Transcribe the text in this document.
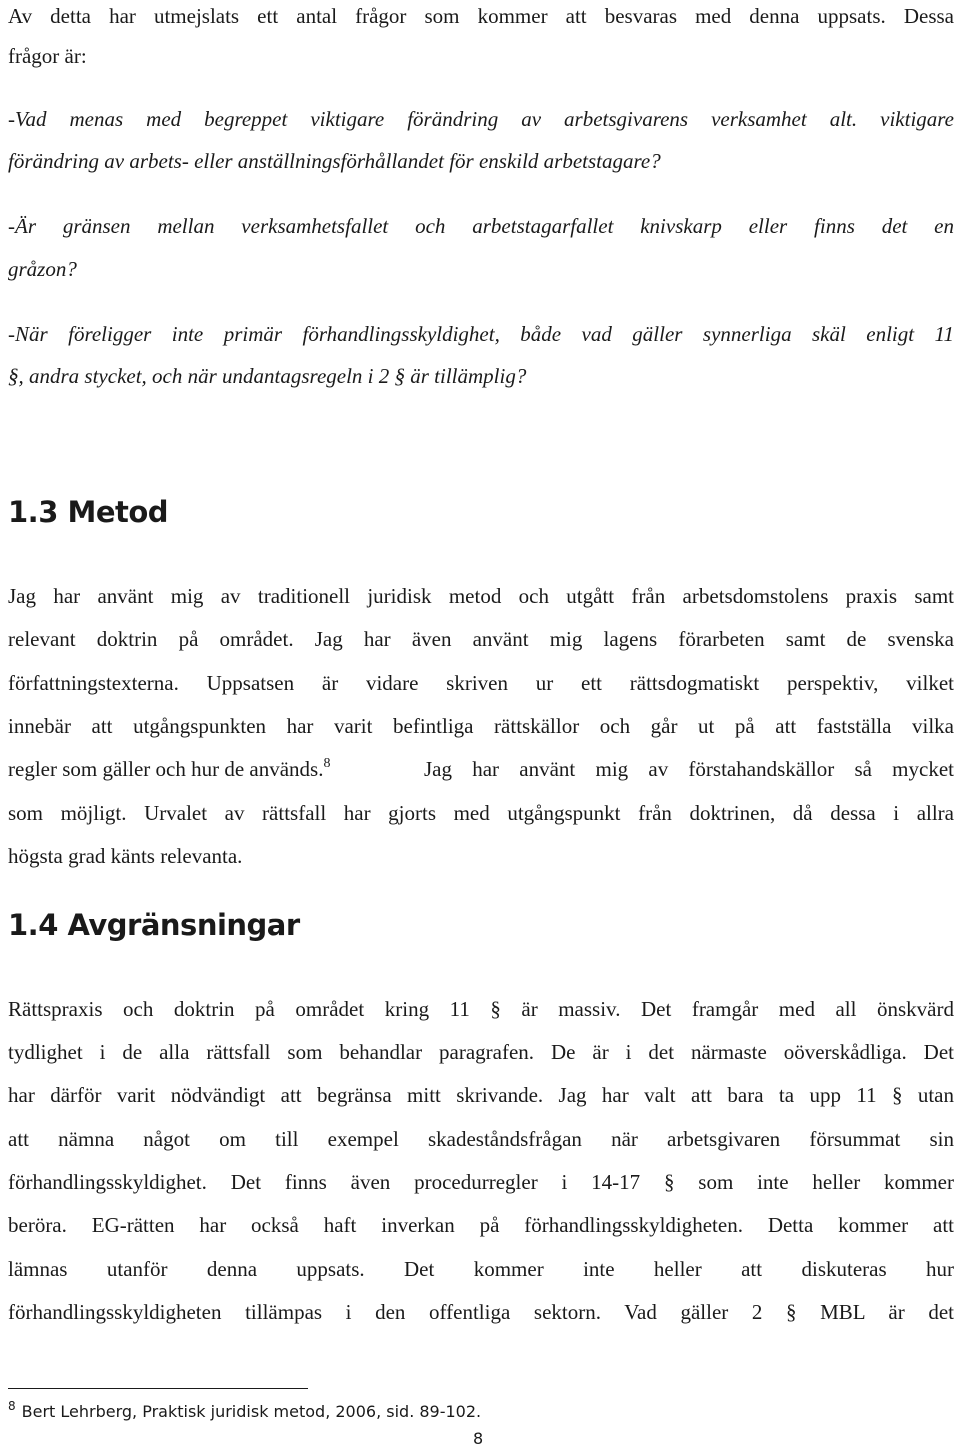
Av detta har utmejslats ett antal frågor som kommer att besvaras med denna uppsats. Dessa
frågor är:
-Vad menas med begreppet viktigare förändring av arbetsgivarens verksamhet alt. viktigare
förändring av arbets- eller anställningsförhållandet för enskild arbetstagare?
-Är gränsen mellan verksamhetsfallet och arbetstagarfallet knivskarp eller finns det en
gråzon?
-När föreligger inte primär förhandlingsskyldighet, både vad gäller synnerliga skäl enligt 11
§, andra stycket, och när undantagsregeln i 2 § är tillämplig?
1.3 Metod
Jag har använt mig av traditionell juridisk metod och utgått från arbetsdomstolens praxis samt
relevant doktrin på området. Jag har även använt mig lagens förarbeten samt de svenska
författningstexterna. Uppsatsen är vidare skriven ur ett rättsdogmatiskt perspektiv, vilket
innebär att utgångspunkten har varit befintliga rättskällor och går ut på att fastställa vilka
regler som gäller och hur de används.$^8$	Jag har använt mig av förstahandskällor så mycket
som möjligt. Urvalet av rättsfall har gjorts med utgångspunkt från doktrinen, då dessa i allra
högsta grad känts relevanta.
1.4 Avgränsningar
Rättspraxis och doktrin på området kring 11 § är massiv. Det framgår med all önskvärd
tydlighet i de alla rättsfall som behandlar paragrafen. De är i det närmaste oöverskådliga. Det
har därför varit nödvändigt att begränsa mitt skrivande. Jag har valt att bara ta upp 11 § utan
att nämna något om till exempel skadeståndsfrågan när arbetsgivaren försummat sin
förhandlingsskyldighet. Det finns även procedurregler i 14-17 § som inte heller kommer
beröra. EG-rätten har också haft inverkan på förhandlingsskyldigheten. Detta kommer att
lämnas utanför denna uppsats. Det kommer inte heller att diskuteras hur
förhandlingsskyldigheten tillämpas i den offentliga sektorn. Vad gäller 2 § MBL är det
$^8$ Bert Lehrberg, Praktisk juridisk metod, 2006, sid. 89-102.
8
